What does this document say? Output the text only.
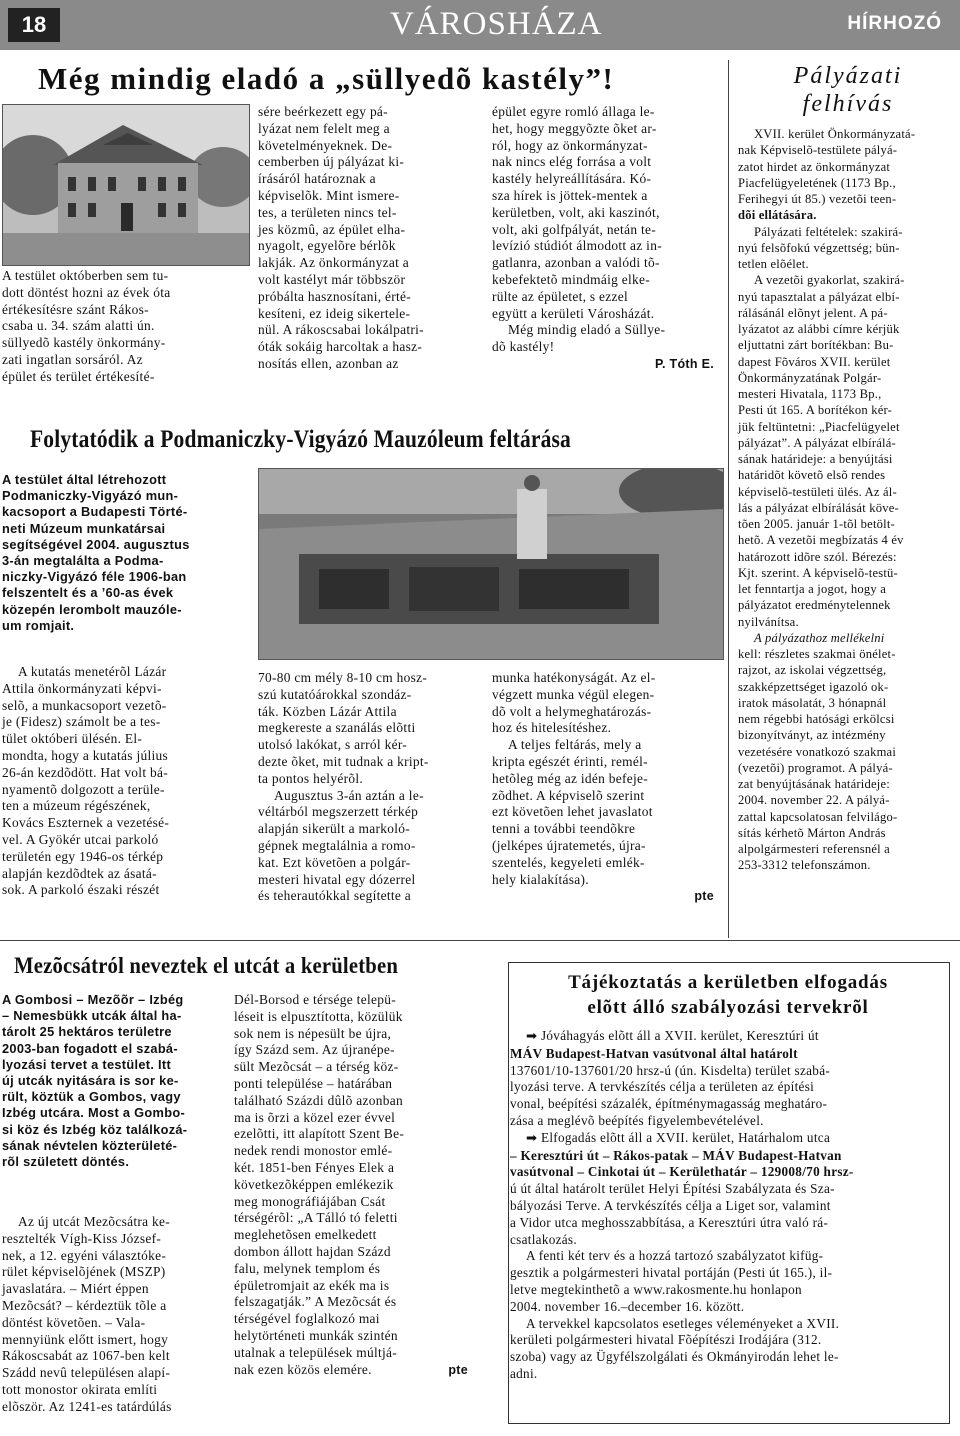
18	VÁROSHÁZA	HÍRHOZÓ
Még mindig eladó a „süllyedõ kastély”!
A testület októberben sem tu-
dott döntést hozni az évek óta
értékesítésre szánt Rákos-
csaba u. 34. szám alatti ún.
süllyedõ kastély önkormány-
zati ingatlan sorsáról. Az
épület és terület értékesíté-
sére beérkezett egy pá-
lyázat nem felelt meg a
követelményeknek. De-
cemberben új pályázat ki-
írásáról határoznak a
képviselõk. Mint ismere-
tes, a területen nincs tel-
jes közmû, az épület elha-
nyagolt, egyelõre bérlõk
lakják. Az önkormányzat a
volt kastélyt már többször
próbálta hasznosítani, érté-
kesíteni, ez ideig sikertele-
nül. A rákoscsabai lokálpatri-
óták sokáig harcoltak a hasz-
nosítás ellen, azonban az
épület egyre romló állaga le-
het, hogy meggyõzte õket ar-
ról, hogy az önkormányzat-
nak nincs elég forrása a volt
kastély helyreállítására. Kó-
sza hírek is jöttek-mentek a
kerületben, volt, aki kaszinót,
volt, aki golfpályát, netán te-
levízió stúdiót álmodott az in-
gatlanra, azonban a valódi tõ-
kebefektetõ mindmáig elke-
rülte az épületet, s ezzel
együtt a kerületi Városházát.
Még mindig eladó a Süllye-
dõ kastély!
P. Tóth E.
Folytatódik a Podmaniczky-Vigyázó Mauzóleum feltárása
A testület által létrehozott
Podmaniczky-Vigyázó mun-
kacsoport a Budapesti Törté-
neti Múzeum munkatársai
segítségével 2004. augusztus
3-án megtalálta a Podma-
niczky-Vigyázó féle 1906-ban
felszentelt és a ’60-as évek
közepén lerombolt mauzóle-
um romjait.
A kutatás menetérõl Lázár
Attila önkormányzati képvi-
selõ, a munkacsoport vezetõ-
je (Fidesz) számolt be a tes-
tület októberi ülésén. El-
mondta, hogy a kutatás július
26-án kezdõdött. Hat volt bá-
nyamentõ dolgozott a terüle-
ten a múzeum régészének,
Kovács Eszternek a vezetésé-
vel. A Gyökér utcai parkoló
területén egy 1946-os térkép
alapján kezdõdtek az ásatá-
sok. A parkoló északi részét
70-80 cm mély 8-10 cm hosz-
szú kutatóárokkal szondáz-
ták. Közben Lázár Attila
megkereste a szanálás elõtti
utolsó lakókat, s arról kér-
dezte õket, mit tudnak a kript-
ta pontos helyérõl.
Augusztus 3-án aztán a le-
véltárból megszerzett térkép
alapján sikerült a markoló-
gépnek megtalálnia a romo-
kat. Ezt követõen a polgár-
mesteri hivatal egy dózerrel
és teherautókkal segítette a
munka hatékonyságát. Az el-
végzett munka végül elegen-
dõ volt a helymeghatározás-
hoz és hitelesítéshez.
A teljes feltárás, mely a
kripta egészét érinti, remél-
hetõleg még az idén befeje-
zõdhet. A képviselõ szerint
ezt követõen lehet javaslatot
tenni a további teendõkre
(jelképes újratemetés, újra-
szentelés, kegyeleti emlék-
hely kialakítása).
pte
Pályázati
felhívás
XVII. kerület Önkormányzatá-
nak Képviselõ-testülete pályá-
zatot hirdet az önkormányzat
Piacfelügyeletének (1173 Bp.,
Ferihegyi út 85.) vezetõi teen-
dõi ellátására.
Pályázati feltételek: szakirá-
nyú felsõfokú végzettség; bün-
tetlen elõélet.
A vezetõi gyakorlat, szakirá-
nyú tapasztalat a pályázat elbí-
rálásánál elõnyt jelent. A pá-
lyázatot az alábbi címre kérjük
eljuttatni zárt borítékban: Bu-
dapest Fõváros XVII. kerület
Önkormányzatának Polgár-
mesteri Hivatala, 1173 Bp.,
Pesti út 165. A borítékon kér-
jük feltüntetni: „Piacfelügyelet
pályázat”. A pályázat elbírálá-
sának határideje: a benyújtási
határidõt követõ elsõ rendes
képviselõ-testületi ülés. Az ál-
lás a pályázat elbírálását köve-
tõen 2005. január 1-tõl betölt-
hetõ. A vezetõi megbízatás 4 év
határozott idõre szól. Bérezés:
Kjt. szerint. A képviselõ-testü-
let fenntartja a jogot, hogy a
pályázatot eredménytelennek
nyilvánítsa.
A pályázathoz mellékelni
kell: részletes szakmai önélet-
rajzot, az iskolai végzettség,
szakképzettséget igazoló ok-
iratok másolatát, 3 hónapnál
nem régebbi hatósági erkölcsi
bizonyítványt, az intézmény
vezetésére vonatkozó szakmai
(vezetõi) programot. A pályá-
zat benyújtásának határideje:
2004. november 22. A pályá-
zattal kapcsolatosan felvilágo-
sítás kérhetõ Márton András
alpolgármesteri referensnél a
253-3312 telefonszámon.
Mezõcsátról neveztek el utcát a kerületben
A Gombosi – Mezõõr – Izbég
– Nemesbükk utcák által ha-
tárolt 25 hektáros területre
2003-ban fogadott el szabá-
lyozási tervet a testület. Itt
új utcák nyitására is sor ke-
rült, köztük a Gombos, vagy
Izbég utcára. Most a Gombo-
si köz és Izbég köz találkozá-
sának névtelen közterületé-
rõl született döntés.
Az új utcát Mezõcsátra ke-
resztelték Vígh-Kiss József-
nek, a 12. egyéni választóke-
rület képviselõjének (MSZP)
javaslatára. – Miért éppen
Mezõcsát? – kérdeztük tõle a
döntést követõen. – Vala-
mennyiünk előtt ismert, hogy
Rákoscsabát az 1067-ben kelt
Szádd nevû településen alapí-
tott monostor okirata említi
elõször. Az 1241-es tatárdúlás
Dél-Borsod e térsége telepü-
léseit is elpusztította, közülük
sok nem is népesült be újra,
így Százd sem. Az újranépe-
sült Mezõcsát – a térség köz-
ponti települése – határában
található Százdi dûlõ azonban
ma is õrzi a közel ezer évvel
ezelõtti, itt alapított Szent Be-
nedek rendi monostor emlé-
két. 1851-ben Fényes Elek a
következõképpen emlékezik
meg monográfiájában Csát
térségérõl: „A Tálló tó feletti
meglehetõsen emelkedett
dombon állott hajdan Százd
falu, melynek templom és
épületromjait az ekék ma is
felszagatják.” A Mezõcsát és
térségével foglalkozó mai
helytörténeti munkák szintén
utalnak a települések múltjá-
nak ezen közös elemére.	pte
Tájékoztatás a kerületben elfogadás
elõtt álló szabályozási tervekrõl
➡ Jóváhagyás elõtt áll a XVII. kerület, Keresztúri út
MÁV Budapest-Hatvan vasútvonal által határolt
137601/10-137601/20 hrsz-ú (ún. Kisdelta) terület szabá-
lyozási terve. A tervkészítés célja a területen az építési
vonal, beépítési százalék, építménymagasság meghatáro-
zása a meglévõ beépítés figyelembevételével.
➡ Elfogadás elõtt áll a XVII. kerület, Határhalom utca
– Keresztúri út – Rákos-patak – MÁV Budapest-Hatvan
vasútvonal – Cinkotai út – Kerülethatár – 129008/70 hrsz-
ú út által határolt terület Helyi Építési Szabályzata és Sza-
bályozási Terve. A tervkészítés célja a Liget sor, valamint
a Vidor utca meghosszabbítása, a Keresztúri útra való rá-
csatlakozás.
A fenti két terv és a hozzá tartozó szabályzatot kifüg-
gesztik a polgármesteri hivatal portáján (Pesti út 165.), il-
letve megtekinthetõ a www.rakosmente.hu honlapon
2004. november 16.–december 16. között.
A tervekkel kapcsolatos esetleges véleményeket a XVII.
kerületi polgármesteri hivatal Fõépítészi Irodájára (312.
szoba) vagy az Ügyfélszolgálati és Okmányirodán lehet le-
adni.
